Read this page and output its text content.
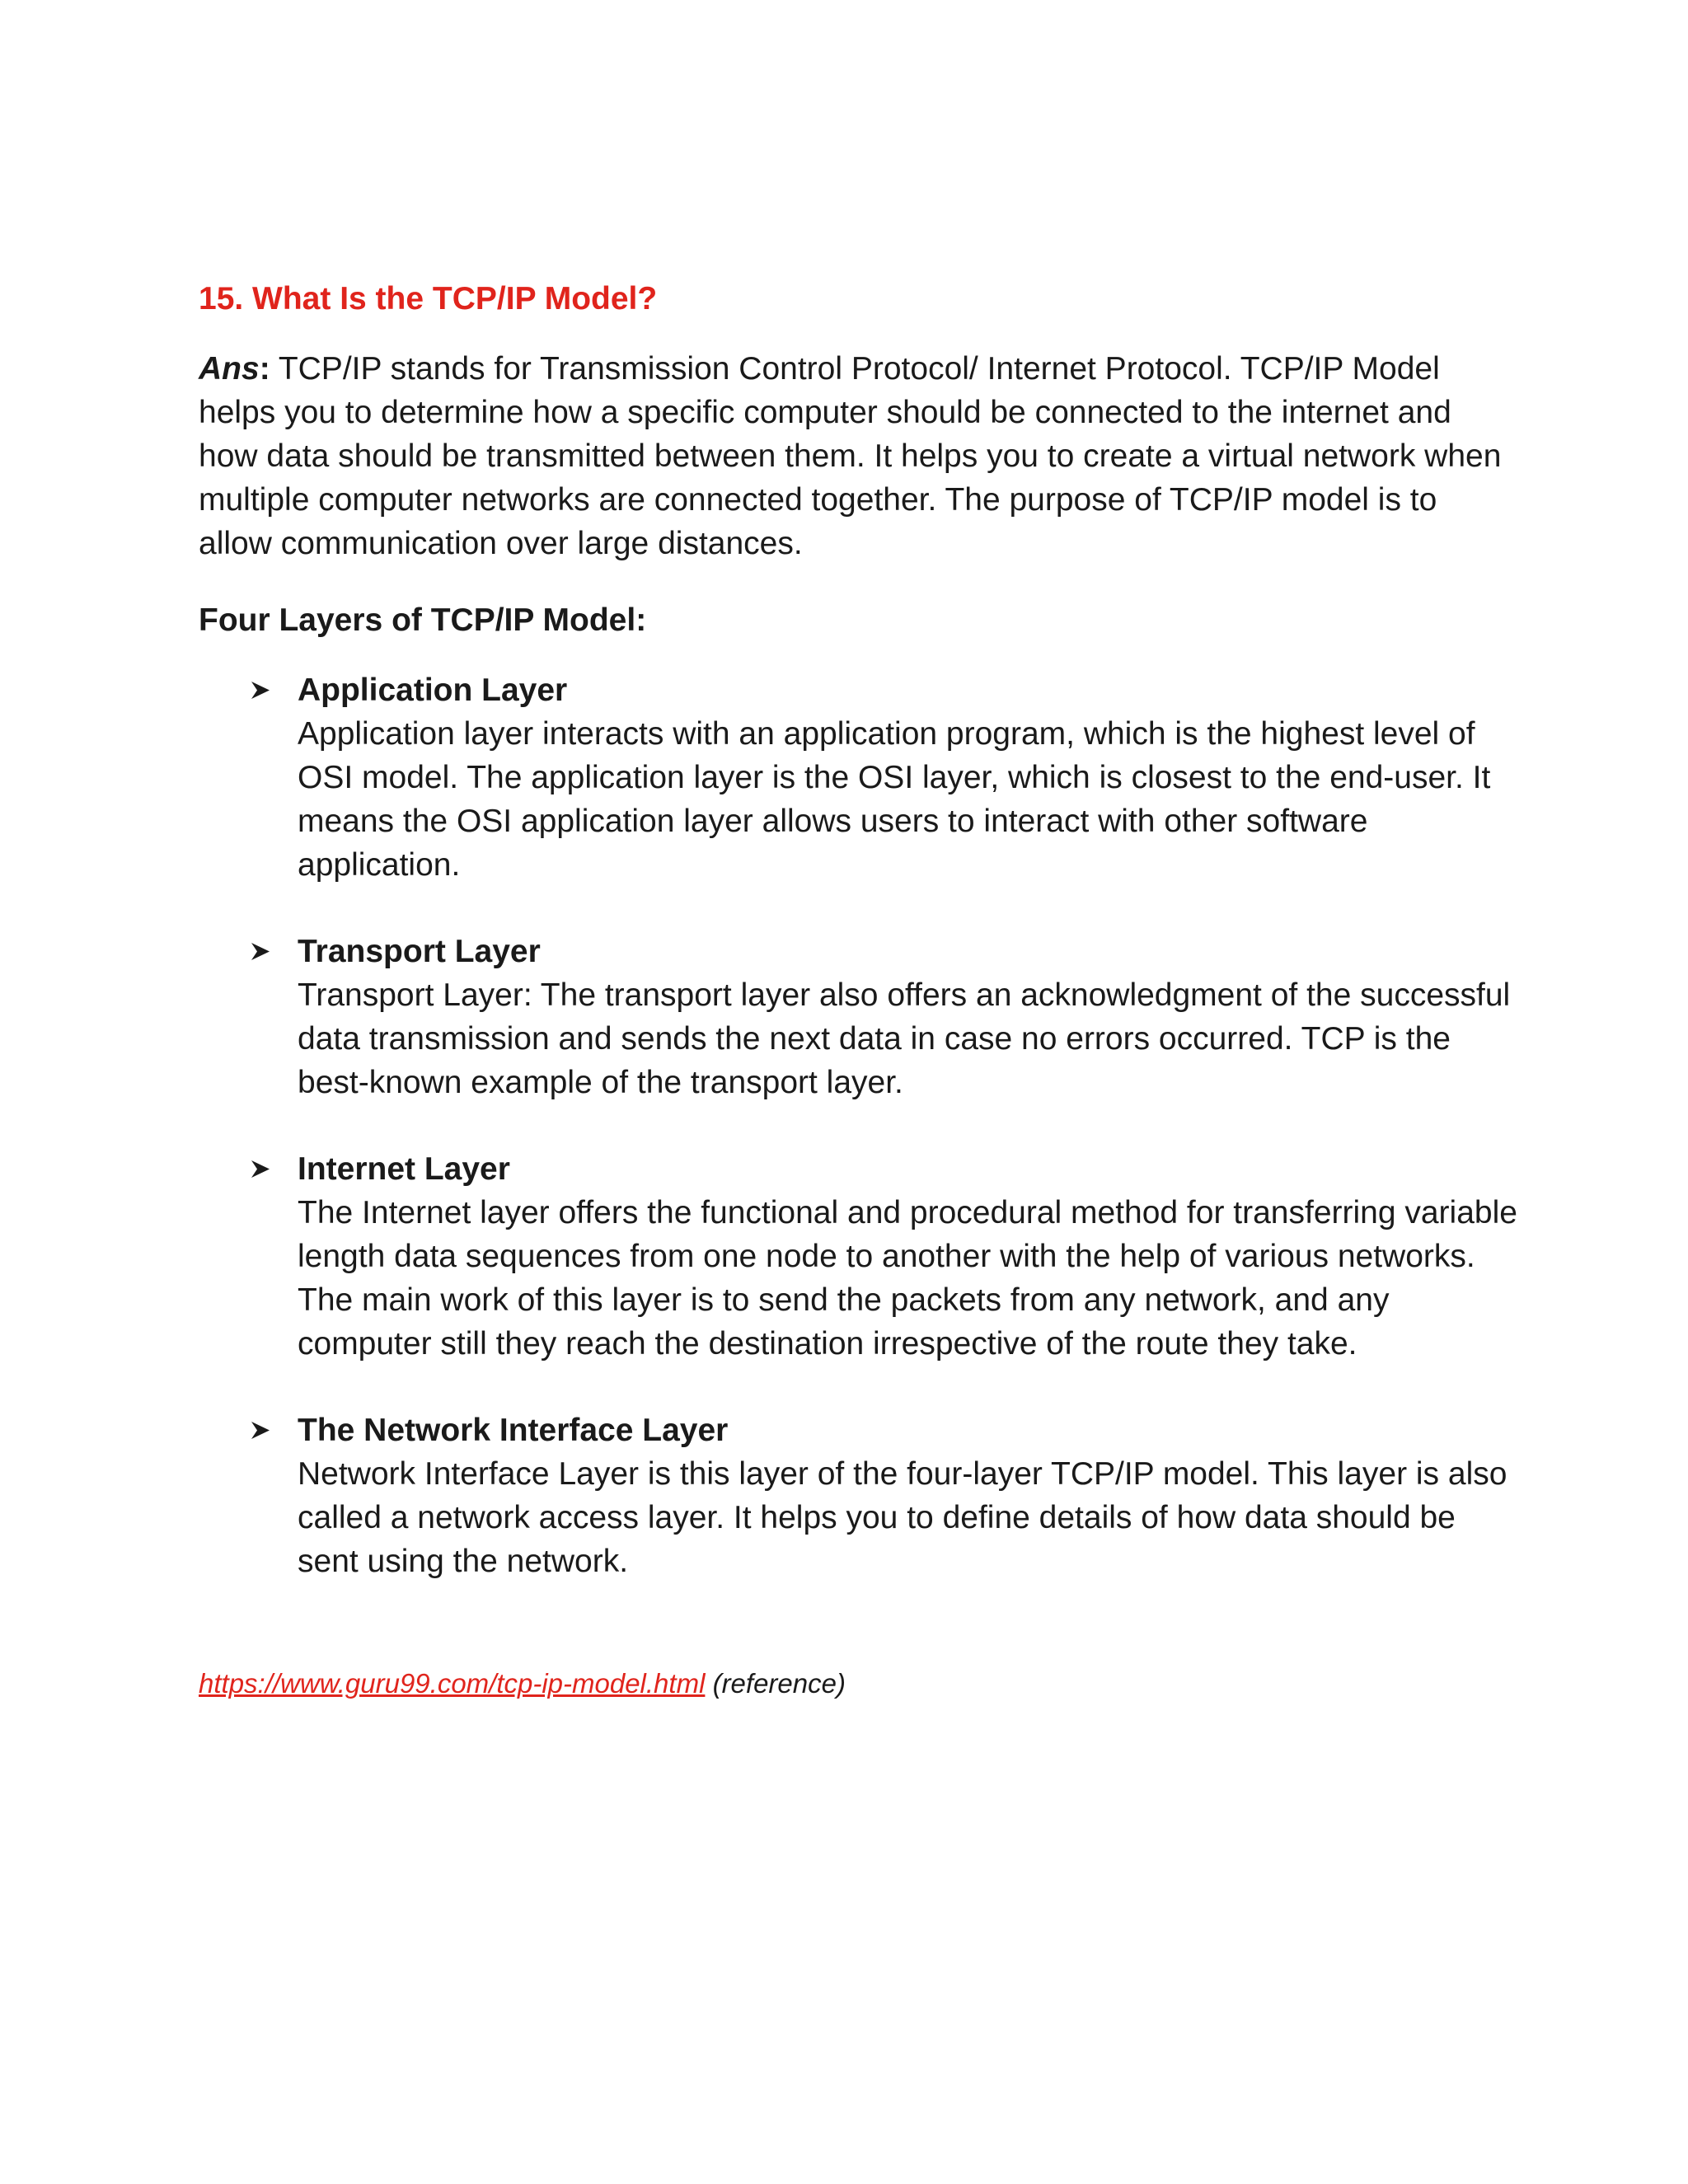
15. What Is the TCP/IP Model?

Ans: TCP/IP stands for Transmission Control Protocol/ Internet Protocol. TCP/IP Model helps you to determine how a specific computer should be connected to the internet and how data should be transmitted between them. It helps you to create a virtual network when multiple computer networks are connected together. The purpose of TCP/IP model is to allow communication over large distances.

Four Layers of TCP/IP Model:
Application Layer
Application layer interacts with an application program, which is the highest level of OSI model. The application layer is the OSI layer, which is closest to the end-user. It means the OSI application layer allows users to interact with other software application.
Transport Layer
Transport Layer: The transport layer also offers an acknowledgment of the successful data transmission and sends the next data in case no errors occurred. TCP is the best-known example of the transport layer.
Internet Layer
The Internet layer offers the functional and procedural method for transferring variable length data sequences from one node to another with the help of various networks. The main work of this layer is to send the packets from any network, and any computer still they reach the destination irrespective of the route they take.
The Network Interface Layer
Network Interface Layer is this layer of the four-layer TCP/IP model. This layer is also called a network access layer. It helps you to define details of how data should be sent using the network.

https://www.guru99.com/tcp-ip-model.html (reference)
